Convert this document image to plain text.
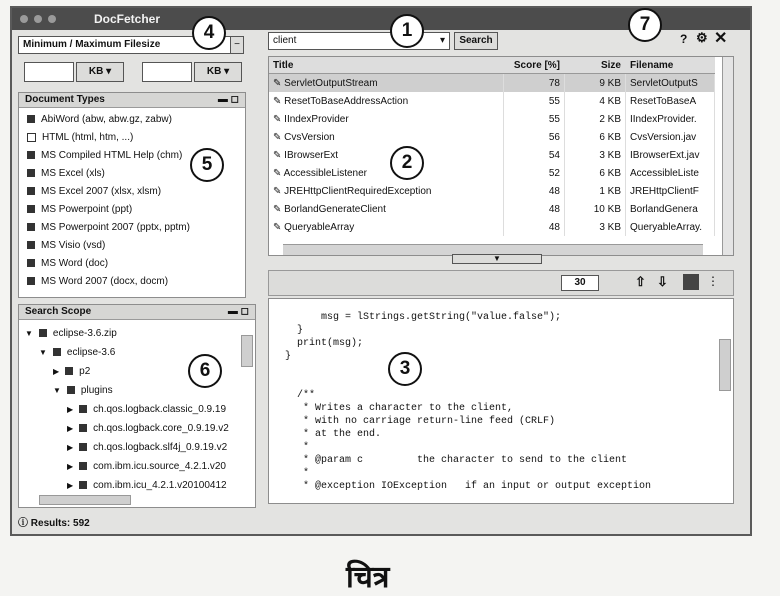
DocFetcher
Minimum / Maximum Filesize	−
KB ▾	KB ▾
Document Types	▬ ◻
AbiWord (abw, abw.gz, zabw)
HTML (html, htm, ...)
MS Compiled HTML Help (chm)
MS Excel (xls)
MS Excel 2007 (xlsx, xlsm)
MS Powerpoint (ppt)
MS Powerpoint 2007 (pptx, pptm)
MS Visio (vsd)
MS Word (doc)
MS Word 2007 (docx, docm)
Search Scope	▬ ◻
▼ eclipse-3.6.zip
▼ eclipse-3.6
▶ p2
▼ plugins
▶ ch.qos.logback.classic_0.9.19
▶ ch.qos.logback.core_0.9.19.v2
▶ ch.qos.logback.slf4j_0.9.19.v2
▶ com.ibm.icu.source_4.2.1.v20
▶ com.ibm.icu_4.2.1.v20100412
ⓘ Results: 592
client	▾	Search	? ⚙ ✕
Title	Score [%]	Size	Filename
✎ ServletOutputStream	78	9 KB	ServletOutputS
✎ ResetToBaseAddressAction	55	4 KB	ResetToBaseA
✎ IIndexProvider	55	2 KB	IIndexProvider.
✎ CvsVersion	56	6 KB	CvsVersion.jav
✎ IBrowserExt	54	3 KB	IBrowserExt.jav
✎ AccessibleListener	52	6 KB	AccessibleListe
✎ JREHttpClientRequiredException	48	1 KB	JREHttpClientF
✎ BorlandGenerateClient	48	10 KB	BorlandGenera
✎ QueryableArray	48	3 KB	QueryableArray.
▼
30	⇧ ⇩	⋮
msg = lStrings.getString("value.false");
}
print(msg);
}
/**
* Writes a character to the client,
* with no carriage return-line feed (CRLF)
* at the end.
*
* @param c         the character to send to the client
*
* @exception IOException   if an input or output exception
1
2
3
4
5
6
7
चित्र
